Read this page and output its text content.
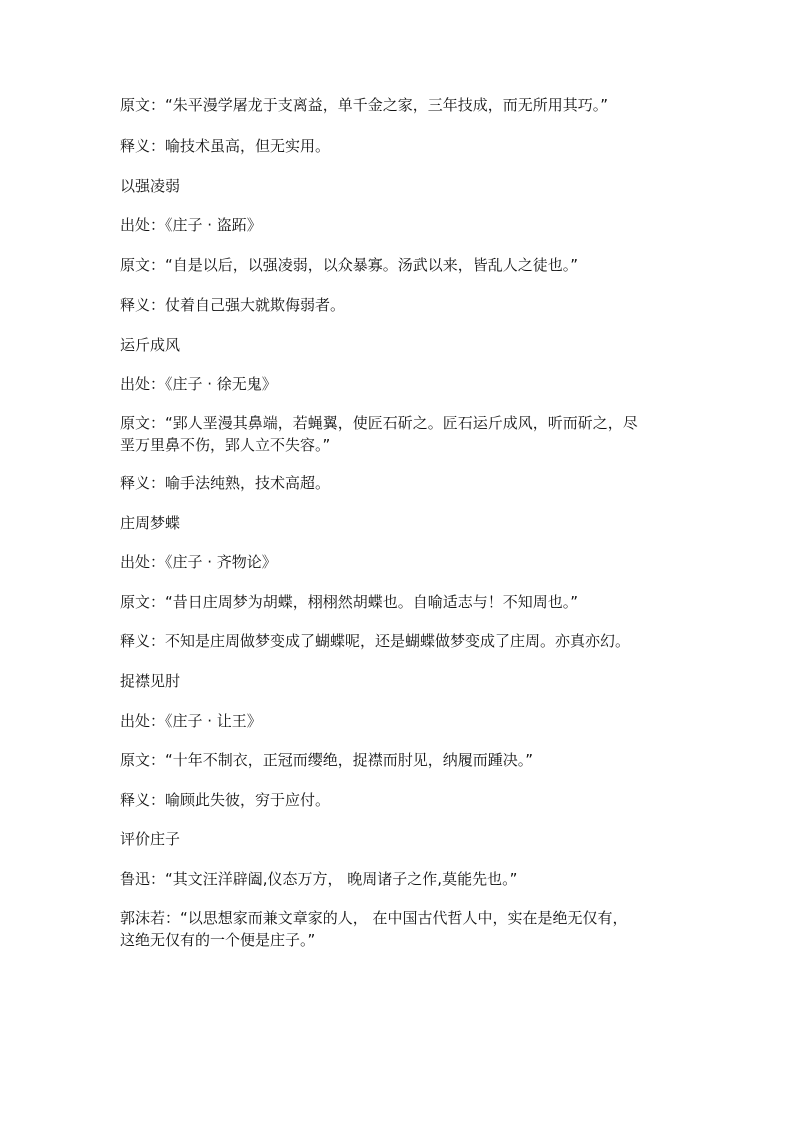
原文：“朱平漫学屠龙于支离益，单千金之家，三年技成，而无所用其巧。”
释义：喻技术虽高，但无实用。
以强凌弱
出处：《庄子 · 盗跖》
原文：“自是以后，以强凌弱，以众暴寡。汤武以来，皆乱人之徒也。”
释义：仗着自己强大就欺侮弱者。
运斤成风
出处：《庄子 · 徐无鬼》
原文：“郢人垩漫其鼻端，若蝇翼，使匠石斫之。匠石运斤成风，听而斫之，尽
垩万里鼻不伤，郢人立不失容。”
释义：喻手法纯熟，技术高超。
庄周梦蝶
出处：《庄子 · 齐物论》
原文：“昔日庄周梦为胡蝶，栩栩然胡蝶也。自喻适志与！不知周也。”
释义：不知是庄周做梦变成了蝴蝶呢，还是蝴蝶做梦变成了庄周。亦真亦幻。
捉襟见肘
出处：《庄子 · 让王》
原文：“十年不制衣，正冠而缨绝，捉襟而肘见，纳履而踵决。”
释义：喻顾此失彼，穷于应付。
评价庄子
鲁迅：“其文汪洋辟阖,仪态万方， 晚周诸子之作,莫能先也。”
郭沫若：“以思想家而兼文章家的人， 在中国古代哲人中，实在是绝无仅有，
这绝无仅有的一个便是庄子。”
